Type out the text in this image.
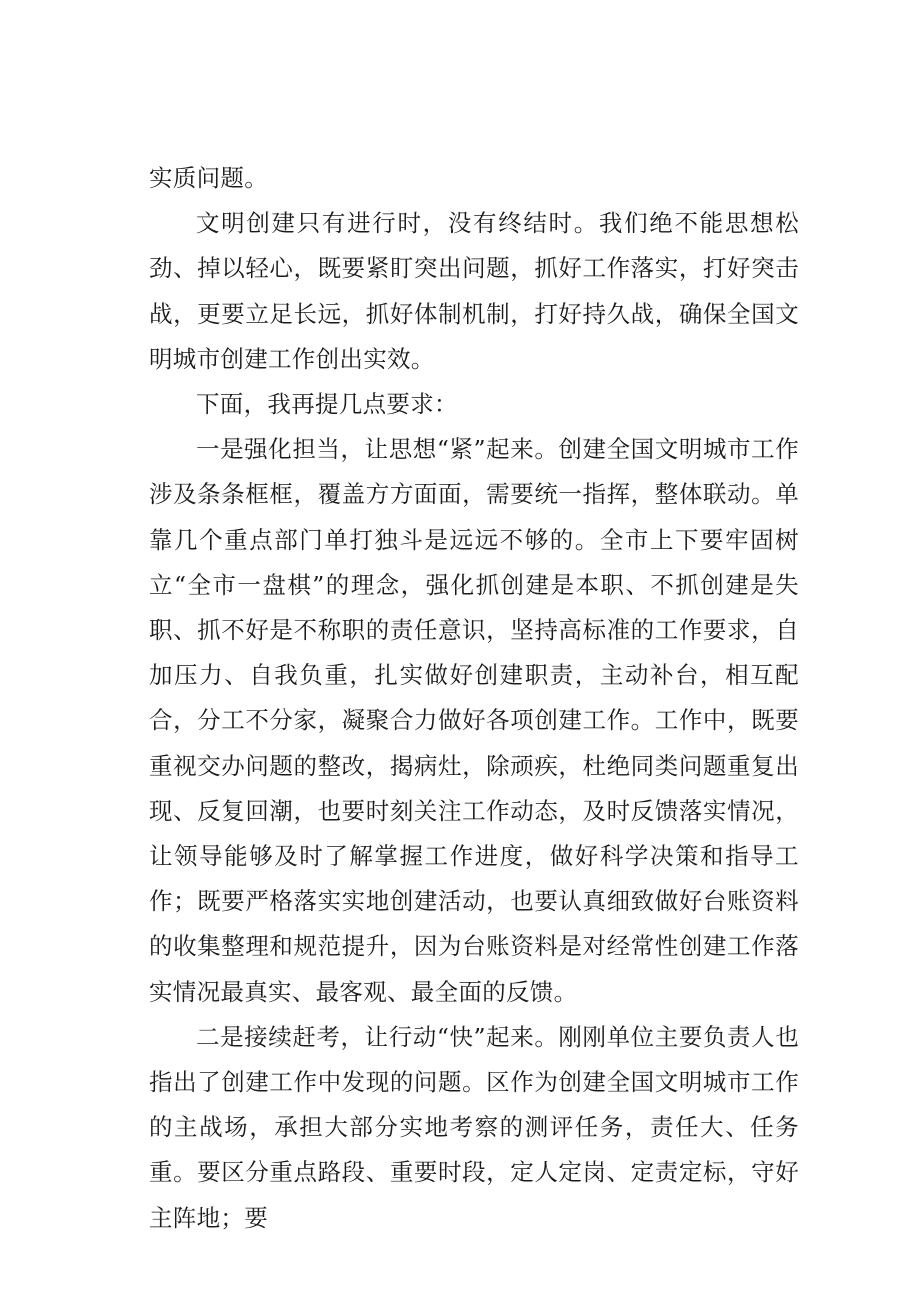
实质问题。

文明创建只有进行时，没有终结时。我们绝不能思想松劲、掉以轻心，既要紧盯突出问题，抓好工作落实，打好突击战，更要立足长远，抓好体制机制，打好持久战，确保全国文明城市创建工作创出实效。

下面，我再提几点要求：

一是强化担当，让思想“紧”起来。创建全国文明城市工作涉及条条框框，覆盖方方面面，需要统一指挥，整体联动。单靠几个重点部门单打独斗是远远不够的。全市上下要牢固树立“全市一盘棋”的理念，强化抓创建是本职、不抓创建是失职、抓不好是不称职的责任意识，坚持高标准的工作要求，自加压力、自我负重，扎实做好创建职责，主动补台，相互配合，分工不分家，凝聚合力做好各项创建工作。工作中，既要重视交办问题的整改，揭病灶，除顽疾，杜绝同类问题重复出现、反复回潮，也要时刻关注工作动态，及时反馈落实情况，让领导能够及时了解掌握工作进度，做好科学决策和指导工作；既要严格落实实地创建活动，也要认真细致做好台账资料的收集整理和规范提升，因为台账资料是对经常性创建工作落实情况最真实、最客观、最全面的反馈。

二是接续赶考，让行动“快”起来。刚刚单位主要负责人也指出了创建工作中发现的问题。区作为创建全国文明城市工作的主战场，承担大部分实地考察的测评任务，责任大、任务重。要区分重点路段、重要时段，定人定岗、定责定标，守好主阵地；要
